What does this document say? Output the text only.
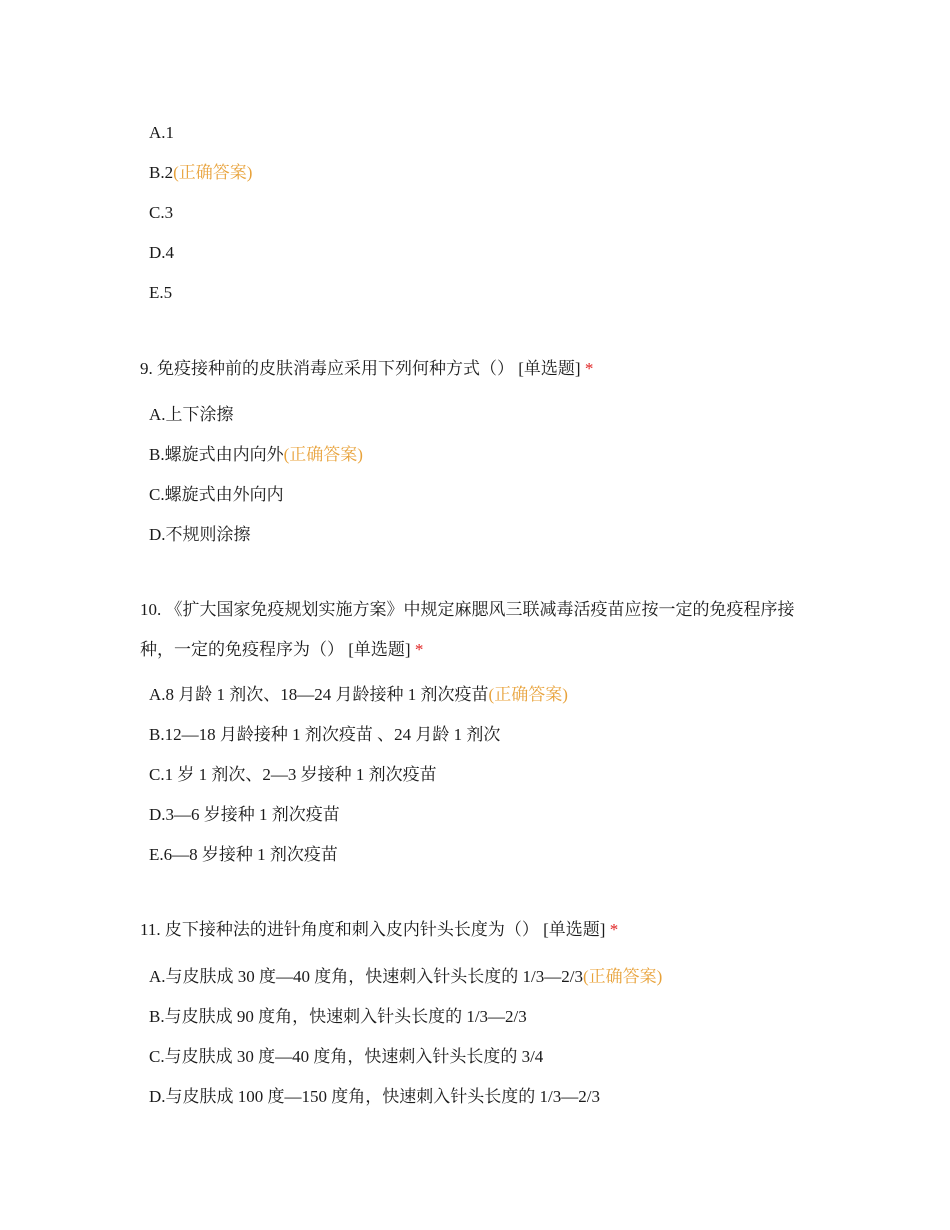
A.1
B.2(正确答案)
C.3
D.4
E.5
9. 免疫接种前的皮肤消毒应采用下列何种方式（） [单选题] *
A.上下涂擦
B.螺旋式由内向外(正确答案)
C.螺旋式由外向内
D.不规则涂擦
10. 《扩大国家免疫规划实施方案》中规定麻腮风三联减毒活疫苗应按一定的免疫程序接种，一定的免疫程序为（） [单选题] *
A.8 月龄 1 剂次、18—24 月龄接种 1 剂次疫苗(正确答案)
B.12—18 月龄接种 1 剂次疫苗 、24 月龄 1 剂次
C.1 岁 1 剂次、2—3 岁接种 1 剂次疫苗
D.3—6 岁接种 1 剂次疫苗
E.6—8 岁接种 1 剂次疫苗
11. 皮下接种法的进针角度和刺入皮内针头长度为（） [单选题] *
A.与皮肤成 30 度—40 度角，快速刺入针头长度的 1/3—2/3(正确答案)
B.与皮肤成 90 度角，快速刺入针头长度的 1/3—2/3
C.与皮肤成 30 度—40 度角，快速刺入针头长度的 3/4
D.与皮肤成 100 度—150 度角，快速刺入针头长度的 1/3—2/3
